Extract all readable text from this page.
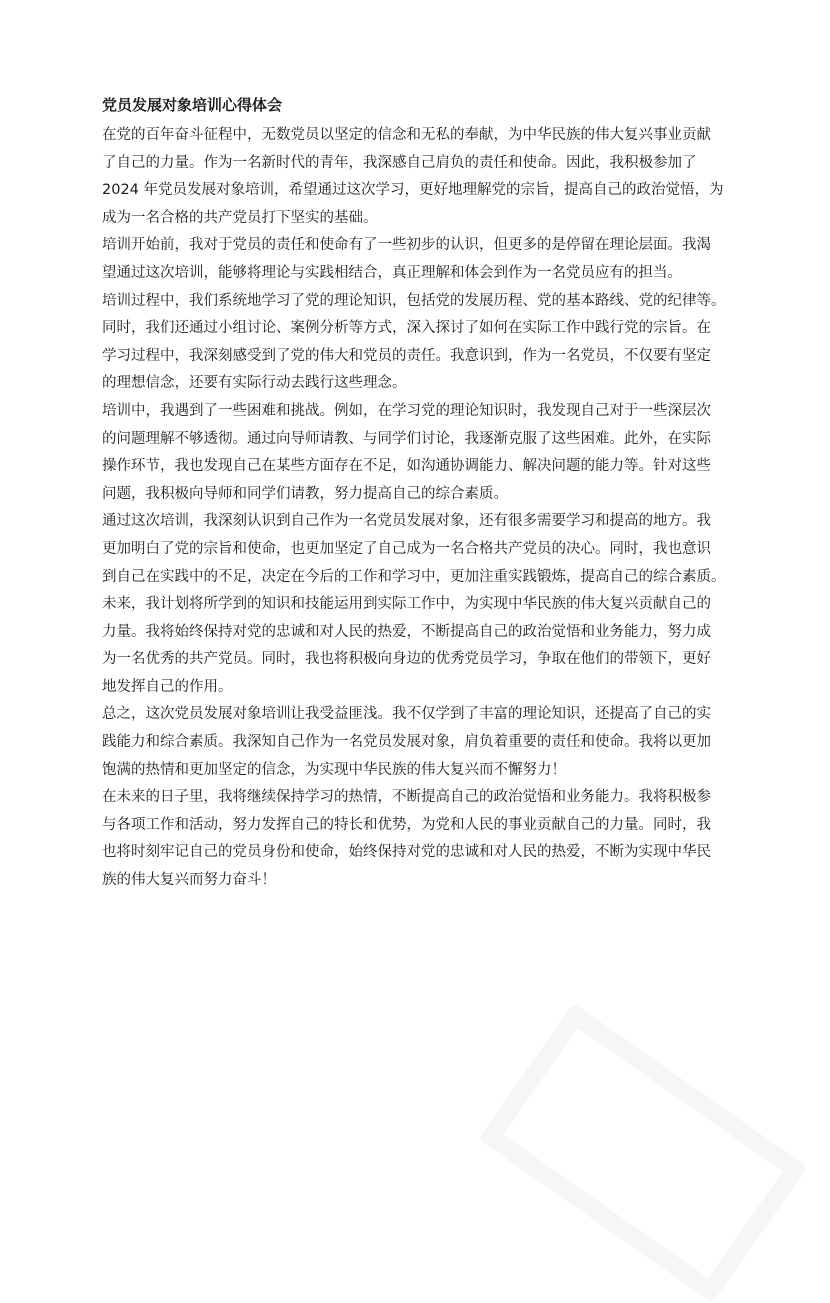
党员发展对象培训心得体会

在党的百年奋斗征程中，无数党员以坚定的信念和无私的奉献，为中华民族的伟大复兴事业贡献
了自己的力量。作为一名新时代的青年，我深感自己肩负的责任和使命。因此，我积极参加了
2024 年党员发展对象培训，希望通过这次学习，更好地理解党的宗旨，提高自己的政治觉悟，为
成为一名合格的共产党员打下坚实的基础。

培训开始前，我对于党员的责任和使命有了一些初步的认识，但更多的是停留在理论层面。我渴
望通过这次培训，能够将理论与实践相结合，真正理解和体会到作为一名党员应有的担当。

培训过程中，我们系统地学习了党的理论知识，包括党的发展历程、党的基本路线、党的纪律等。
同时，我们还通过小组讨论、案例分析等方式，深入探讨了如何在实际工作中践行党的宗旨。在
学习过程中，我深刻感受到了党的伟大和党员的责任。我意识到，作为一名党员，不仅要有坚定
的理想信念，还要有实际行动去践行这些理念。

培训中，我遇到了一些困难和挑战。例如，在学习党的理论知识时，我发现自己对于一些深层次
的问题理解不够透彻。通过向导师请教、与同学们讨论，我逐渐克服了这些困难。此外，在实际
操作环节，我也发现自己在某些方面存在不足，如沟通协调能力、解决问题的能力等。针对这些
问题，我积极向导师和同学们请教，努力提高自己的综合素质。

通过这次培训，我深刻认识到自己作为一名党员发展对象，还有很多需要学习和提高的地方。我
更加明白了党的宗旨和使命，也更加坚定了自己成为一名合格共产党员的决心。同时，我也意识
到自己在实践中的不足，决定在今后的工作和学习中，更加注重实践锻炼，提高自己的综合素质。

未来，我计划将所学到的知识和技能运用到实际工作中，为实现中华民族的伟大复兴贡献自己的
力量。我将始终保持对党的忠诚和对人民的热爱，不断提高自己的政治觉悟和业务能力，努力成
为一名优秀的共产党员。同时，我也将积极向身边的优秀党员学习，争取在他们的带领下，更好
地发挥自己的作用。

总之，这次党员发展对象培训让我受益匪浅。我不仅学到了丰富的理论知识，还提高了自己的实
践能力和综合素质。我深知自己作为一名党员发展对象，肩负着重要的责任和使命。我将以更加
饱满的热情和更加坚定的信念，为实现中华民族的伟大复兴而不懈努力！

在未来的日子里，我将继续保持学习的热情，不断提高自己的政治觉悟和业务能力。我将积极参
与各项工作和活动，努力发挥自己的特长和优势，为党和人民的事业贡献自己的力量。同时，我
也将时刻牢记自己的党员身份和使命，始终保持对党的忠诚和对人民的热爱，不断为实现中华民
族的伟大复兴而努力奋斗！
